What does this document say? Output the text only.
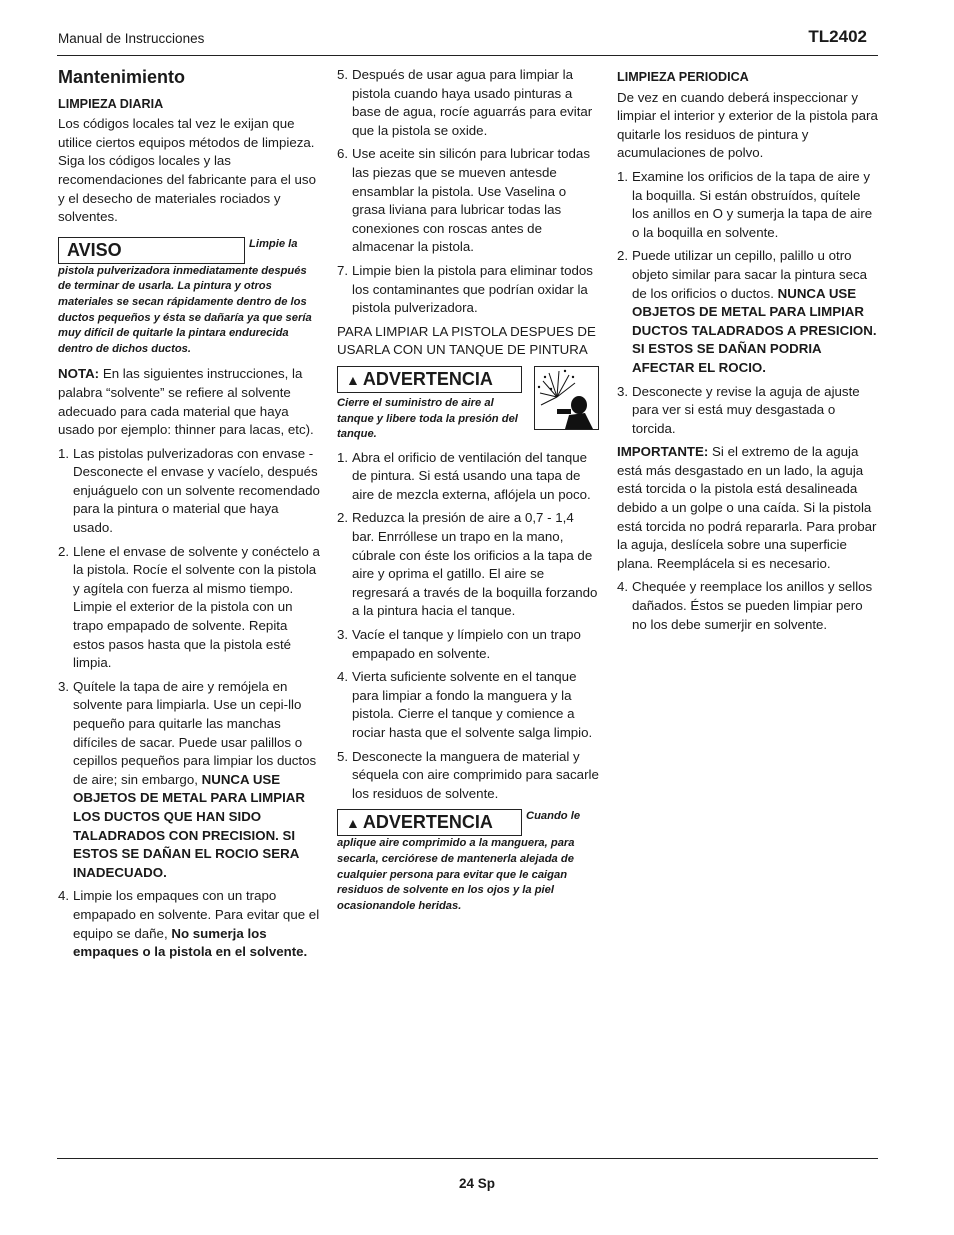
Manual de Instrucciones	TL2402
Mantenimiento
LIMPIEZA DIARIA

Los códigos locales tal vez le exijan que utilice ciertos equipos métodos de limpieza. Siga los códigos locales y las recomendaciones del fabricante para el uso y el desecho de materiales rociados y solventes.

AVISO	Limpie la pistola pulverizadora inmediatamente después de terminar de usarla. La pintura y otros materiales se secan rápidamente dentro de los ductos pequeños y ésta se dañaría ya que sería muy difícil de quitarle la pintara endurecida dentro de dichos ductos.

NOTA: En las siguientes instrucciones, la palabra “solvente” se refiere al solvente adecuado para cada material que haya usado por ejemplo: thinner para lacas, etc).

1. Las pistolas pulverizadoras con envase - Desconecte el envase y vacíelo, después enjuáguelo con un solvente recomendado para la pintura o material que haya usado.
2. Llene el envase de solvente y conéctelo a la pistola. Rocíe el solvente con la pistola y agítela con fuerza al mismo tiempo. Limpie el exterior de la pistola con un trapo empapado de solvente. Repita estos pasos hasta que la pistola esté limpia.
3. Quítele la tapa de aire y remójela en solvente para limpiarla. Use un cepi-llo pequeño para quitarle las manchas difíciles de sacar. Puede usar palillos o cepillos pequeños para limpiar los ductos de aire; sin embargo, NUNCA USE OBJETOS DE METAL PARA LIMPIAR LOS DUCTOS QUE HAN SIDO TALADRADOS CON PRECISION. SI ESTOS SE DAÑAN EL ROCIO SERA INADECUADO.
4. Limpie los empaques con un trapo empapado en solvente. Para evitar que el equipo se dañe, No sumerja los empaques o la pistola en el solvente.
5. Después de usar agua para limpiar la pistola cuando haya usado pinturas a base de agua, rocíe aguarrás para evitar que la pistola se oxide.
6. Use aceite sin silicón para lubricar todas las piezas que se mueven antesde ensamblar la pistola. Use Vaselina o grasa liviana para lubricar todas las conexiones con roscas antes de almacenar la pistola.
7. Limpie bien la pistola para eliminar todos los contaminantes que podrían oxidar la pistola pulverizadora.

PARA LIMPIAR LA PISTOLA DESPUES DE USARLA CON UN TANQUE DE PINTURA

▲ ADVERTENCIA
Cierre el suministro de aire al tanque y libere toda la presión del tanque.
1. Abra el orificio de ventilación del tanque de pintura. Si está usando una tapa de aire de mezcla externa, aflójela un poco.
2. Reduzca la presión de aire a 0,7 - 1,4 bar. Enrróllese un trapo en la mano, cúbrale con éste los orificios a la tapa de aire y oprima el gatillo. El aire se regresará a través de la boquilla forzando a la pintura hacia el tanque.
3. Vacíe el tanque y límpielo con un trapo empapado en solvente.
4. Vierta suficiente solvente en el tanque para limpiar a fondo la manguera y la pistola. Cierre el tanque y comience a rociar hasta que el solvente salga limpio.
5. Desconecte la manguera de material y séquela con aire comprimido para sacarle los residuos de solvente.
▲ ADVERTENCIA	Cuando le aplique aire comprimido a la manguera, para secarla, cerciórese de mantenerla alejada de cualquier persona para evitar que le caigan residuos de solvente en los ojos y la piel ocasionandole heridas.
LIMPIEZA PERIODICA

De vez en cuando deberá inspeccionar y limpiar el interior y exterior de la pistola para quitarle los residuos de pintura y acumulaciones de polvo.

1. Examine los orificios de la tapa de aire y la boquilla. Si están obstruídos, quítele los anillos en O y sumerja la tapa de aire o la boquilla en solvente.
2. Puede utilizar un cepillo, palillo u otro objeto similar para sacar la pintura seca de los orificios o ductos. NUNCA USE OBJETOS DE METAL PARA LIMPIAR DUCTOS TALADRADOS A PRESICION. SI ESTOS SE DAÑAN PODRIA AFECTAR EL ROCIO.
3. Desconecte y revise la aguja de ajuste para ver si está muy desgastada o torcida.

IMPORTANTE: Si el extremo de la aguja está más desgastado en un lado, la aguja está torcida o la pistola está desalineada debido a un golpe o una caída. Si la pistola está torcida no podrá repararla. Para probar la aguja, deslícela sobre una superficie plana. Reemplácela si es necesario.

4. Chequée y reemplace los anillos y sellos dañados. Éstos se pueden limpiar pero no los debe sumerjir en solvente.
24 Sp
